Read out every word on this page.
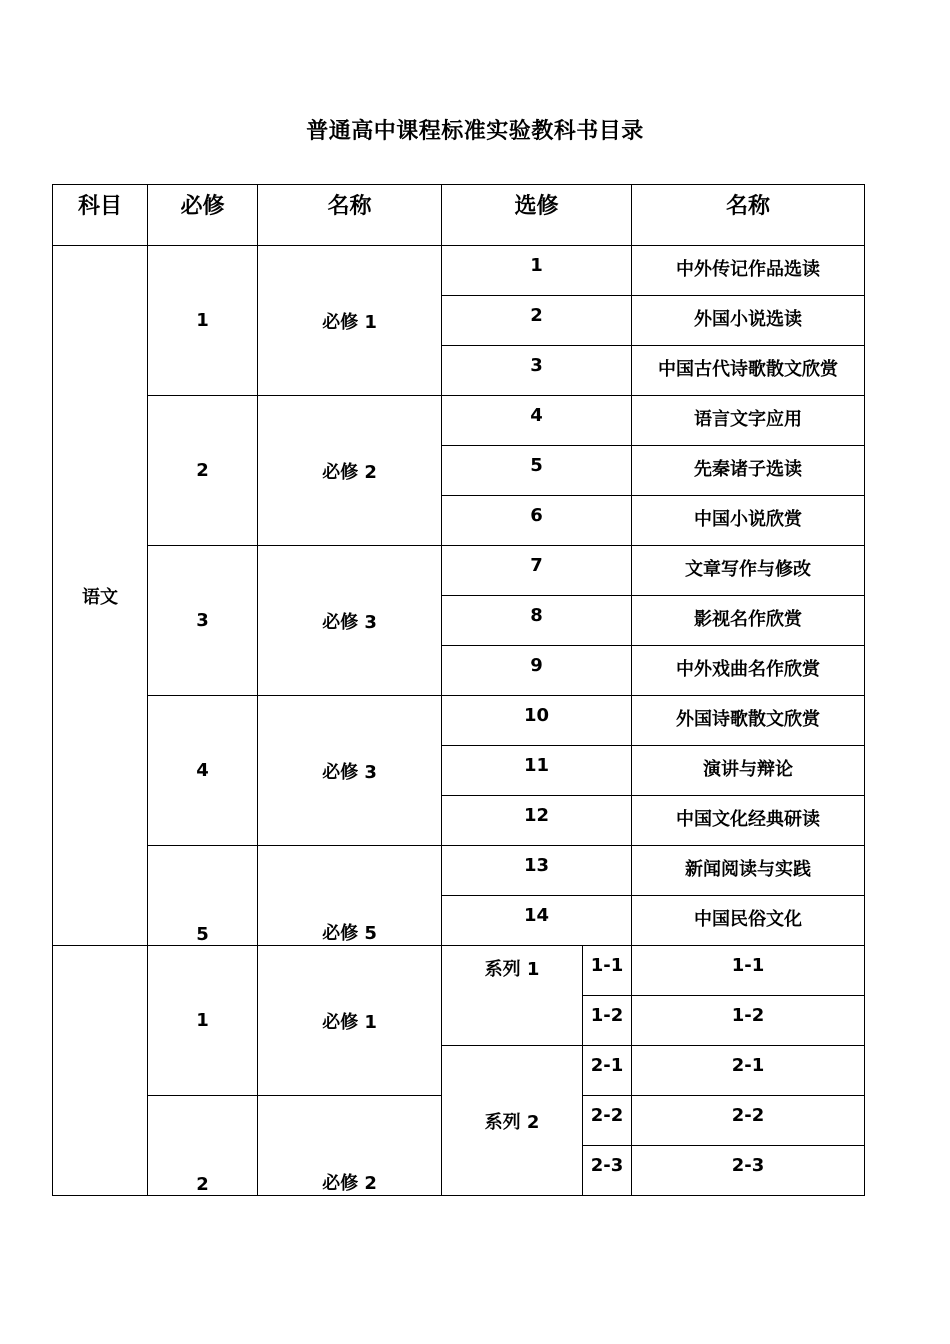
普通高中课程标准实验教科书目录
科目	必修	名称	选修		名称
语文	1	必修 1	1		中外传记作品选读
			2		外国小说选读
			3		中国古代诗歌散文欣赏
	2	必修 2	4		语言文字应用
			5		先秦诸子选读
			6		中国小说欣赏
	3	必修 3	7		文章写作与修改
			8		影视名作欣赏
			9		中外戏曲名作欣赏
	4	必修 3	10		外国诗歌散文欣赏
			11		演讲与辩论
			12		中国文化经典研读
	5	必修 5	13		新闻阅读与实践
			14		中国民俗文化
	1	必修 1	系列 1	1-1	1-1
				1-2	1-2
			系列 2	2-1	2-1
	2	必修 2		2-2	2-2
				2-3	2-3
